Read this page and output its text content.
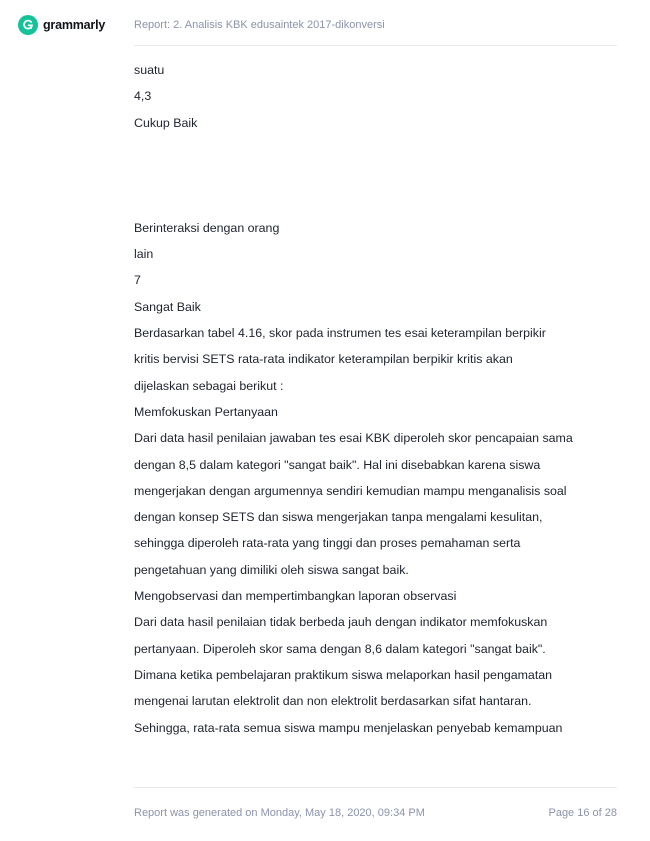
grammarly	Report: 2. Analisis KBK edusaintek 2017-dikonversi
suatu
4,3
Cukup Baik
Berinteraksi dengan orang
lain
7
Sangat Baik
Berdasarkan tabel 4.16, skor pada instrumen tes esai keterampilan berpikir
kritis bervisi SETS rata-rata indikator keterampilan berpikir kritis akan
dijelaskan sebagai berikut :
Memfokuskan Pertanyaan
Dari data hasil penilaian jawaban tes esai KBK diperoleh skor pencapaian sama
dengan 8,5 dalam kategori "sangat baik". Hal ini disebabkan karena siswa
mengerjakan dengan argumennya sendiri kemudian mampu menganalisis soal
dengan konsep SETS dan siswa mengerjakan tanpa mengalami kesulitan,
sehingga diperoleh rata-rata yang tinggi dan proses pemahaman serta
pengetahuan yang dimiliki oleh siswa sangat baik.
Mengobservasi dan mempertimbangkan laporan observasi
Dari data hasil penilaian tidak berbeda jauh dengan indikator memfokuskan
pertanyaan. Diperoleh skor sama dengan 8,6 dalam kategori "sangat baik".
Dimana ketika pembelajaran praktikum siswa melaporkan hasil pengamatan
mengenai larutan elektrolit dan non elektrolit berdasarkan sifat hantaran.
Sehingga, rata-rata semua siswa mampu menjelaskan penyebab kemampuan
Report was generated on Monday, May 18, 2020, 09:34 PM	Page 16 of 28
